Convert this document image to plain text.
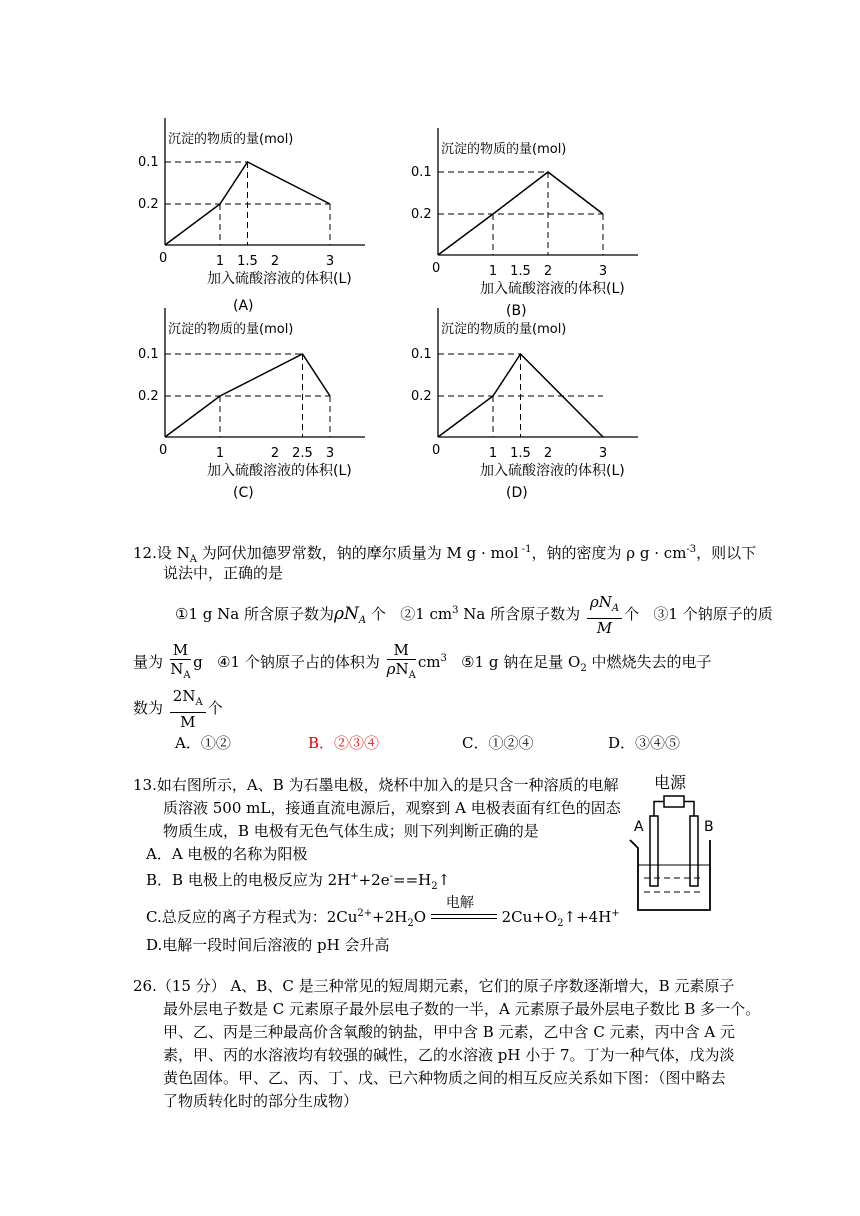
沉淀的物质的量(mol)
0.1
0.2
0	1 1.5 2	3
加入硫酸溶液的体积(L)
(A)
沉淀的物质的量(mol)
0.1
0.2
0	1 1.5 2	3
加入硫酸溶液的体积(L)
(B)
沉淀的物质的量(mol)
0.1
0.2
0	1	2 2.5 3
加入硫酸溶液的体积(L)
(C)
沉淀的物质的量(mol)
0.1
0.2
0	1 1.5 2	3
加入硫酸溶液的体积(L)
(D)
12.设 $N_A$ 为阿伏加德罗常数，钠的摩尔质量为 M g · mol $^{-1}$，钠的密度为 ρ $g \cdot cm^{-3}$，则以下
说法中，正确的是
①1 g Na 所含原子数为$\rho N_A$ 个 ②1 $cm^3$ Na 所含原子数为 $\frac{\rho N_A}{M}$ 个 ③1 个钠原子的质
量为 $\frac{M}{N_A}$ g ④1 个钠原子占的体积为 $\frac{M}{\rho N_A} cm^3$ ⑤1 g 钠在足量 $O_2$ 中燃烧失去的电子
数为 $\frac{2N_A}{M}$ 个
A．①②	B．②③④	C．①②④	D．③④⑤
13.如右图所示，A、B 为石墨电极，烧杯中加入的是只含一种溶质的电解
质溶液 500 mL，接通直流电源后，观察到 A 电极表面有红色的固态
物质生成，B 电极有无色气体生成；则下列判断正确的是
A．A 电极的名称为阳极
B．B 电极上的电极反应为 $2H^++2e^-==H_2↑$
C.总反应的离子方程式为：$2Cu^{2+}+2H_2O$
电解
$2Cu+O_2↑+4H^+$
D.电解一段时间后溶液的 pH 会升高
电源
A	B
26.（15 分） A、B、C 是三种常见的短周期元素，它们的原子序数逐渐增大，B 元素原子
最外层电子数是 C 元素原子最外层电子数的一半，A 元素原子最外层电子数比 B 多一个。
甲、乙、丙是三种最高价含氧酸的钠盐，甲中含 B 元素，乙中含 C 元素，丙中含 A 元
素，甲、丙的水溶液均有较强的碱性，乙的水溶液 pH 小于 7。丁为一种气体，戊为淡
黄色固体。甲、乙、丙、丁、戊、已六种物质之间的相互反应关系如下图：（图中略去
了物质转化时的部分生成物）
